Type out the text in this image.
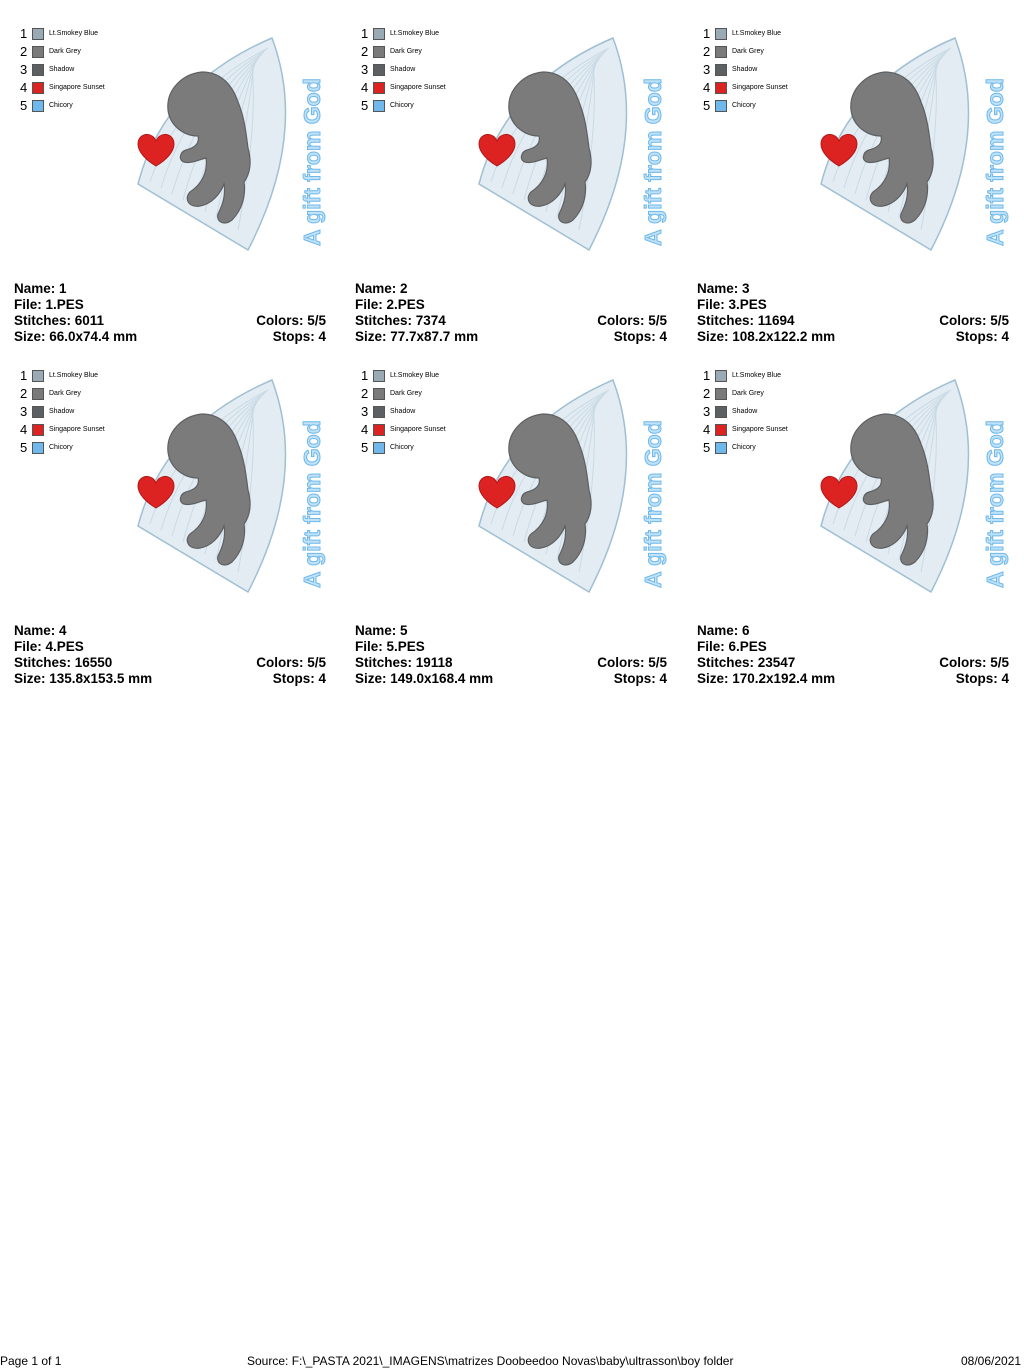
1	Lt.Smokey Blue
2	Dark Grey
3	Shadow
4	Singapore Sunset
5	Chicory	A gift from God
Name: 1
File: 1.PES
Stitches: 6011
Size: 66.0x74.4 mm
Colors: 5/5
Stops: 4
1	Lt.Smokey Blue
2	Dark Grey
3	Shadow
4	Singapore Sunset
5	Chicory	A gift from God
Name: 2
File: 2.PES
Stitches: 7374
Size: 77.7x87.7 mm
Colors: 5/5
Stops: 4
1	Lt.Smokey Blue
2	Dark Grey
3	Shadow
4	Singapore Sunset
5	Chicory	A gift from God
Name: 3
File: 3.PES
Stitches: 11694
Size: 108.2x122.2 mm
Colors: 5/5
Stops: 4
1	Lt.Smokey Blue
2	Dark Grey
3	Shadow
4	Singapore Sunset
5	Chicory	A gift from God
Name: 4
File: 4.PES
Stitches: 16550
Size: 135.8x153.5 mm
Colors: 5/5
Stops: 4
1	Lt.Smokey Blue
2	Dark Grey
3	Shadow
4	Singapore Sunset
5	Chicory	A gift from God
Name: 5
File: 5.PES
Stitches: 19118
Size: 149.0x168.4 mm
Colors: 5/5
Stops: 4
1	Lt.Smokey Blue
2	Dark Grey
3	Shadow
4	Singapore Sunset
5	Chicory	A gift from God
Name: 6
File: 6.PES
Stitches: 23547
Size: 170.2x192.4 mm
Colors: 5/5
Stops: 4
Page 1 of 1	Source: F:\_PASTA 2021\_IMAGENS\matrizes Doobeedoo Novas\baby\ultrasson\boy folder	08/06/2021
